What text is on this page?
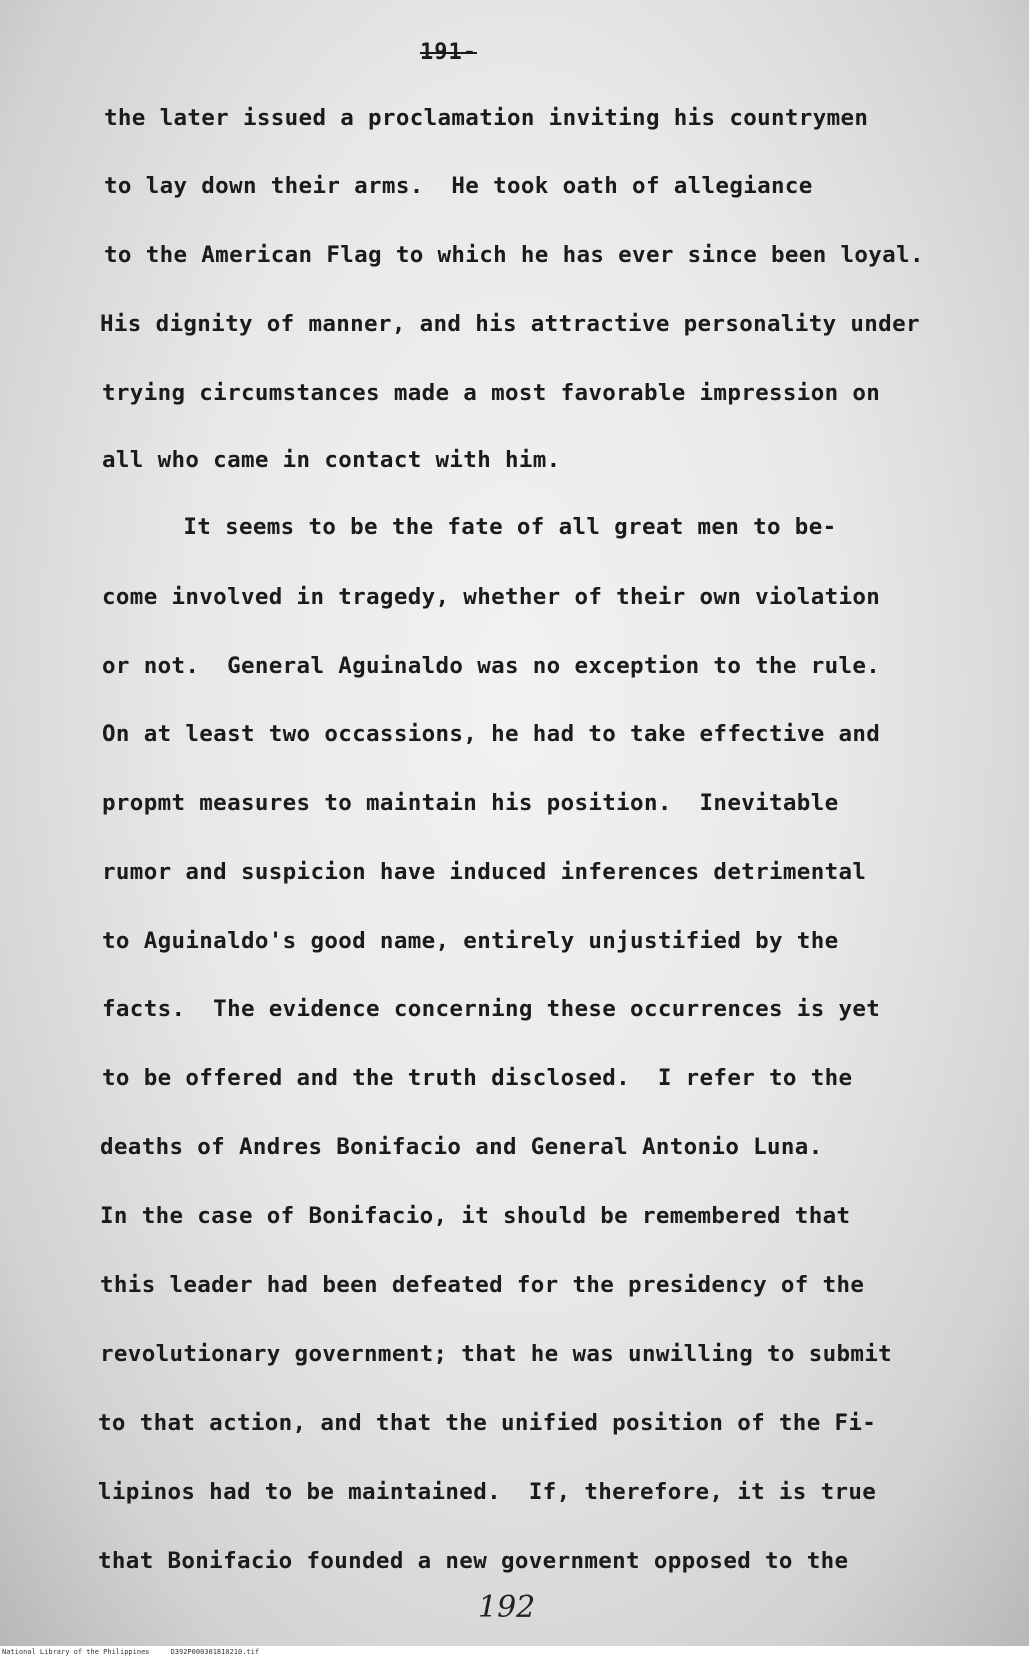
191-
the later issued a proclamation inviting his countrymen
to lay down their arms.  He took oath of allegiance
to the American Flag to which he has ever since been loyal.
His dignity of manner, and his attractive personality under
trying circumstances made a most favorable impression on
all who came in contact with him.
It seems to be the fate of all great men to be-
come involved in tragedy, whether of their own violation
or not.  General Aguinaldo was no exception to the rule.
On at least two occassions, he had to take effective and
propmt measures to maintain his position.  Inevitable
rumor and suspicion have induced inferences detrimental
to Aguinaldo's good name, entirely unjustified by the
facts.  The evidence concerning these occurrences is yet
to be offered and the truth disclosed.  I refer to the
deaths of Andres Bonifacio and General Antonio Luna.
In the case of Bonifacio, it should be remembered that
this leader had been defeated for the presidency of the
revolutionary government; that he was unwilling to submit
to that action, and that the unified position of the Fi-
lipinos had to be maintained.  If, therefore, it is true
that Bonifacio founded a new government opposed to the
192
National Library of the Philippines     D392P000301810210.tif
